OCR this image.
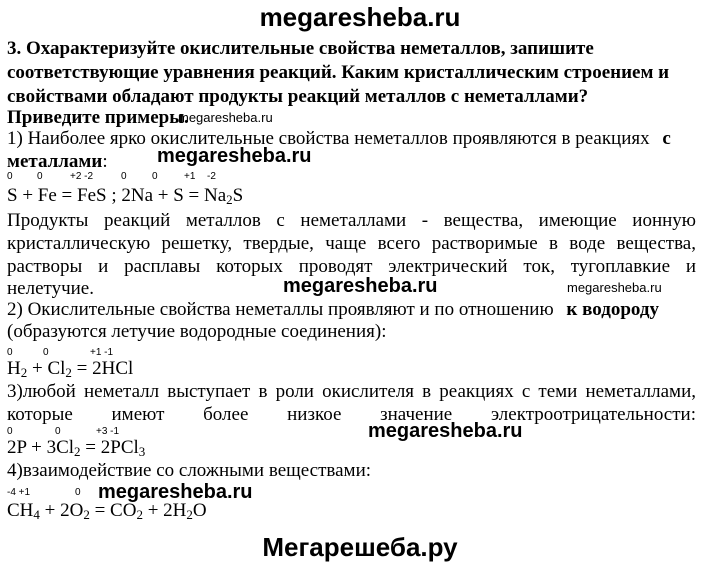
megaresheba.ru
3. Охарактеризуйте окислительные свойства неметаллов, запишите
соответствующие уравнения реакций. Каким кристаллическим строением и
свойствами обладают продукты реакций металлов с неметаллами?
Приведите примеры.
megaresheba.ru
1) Наиболее ярко окислительные свойства неметаллов проявляются в реакциях с
металлами: megaresheba.ru
0 0	+2 -2	0	0	+1 -2
S + Fe = FeS ; $2Na + S = Na_2S$
Продукты реакций металлов с неметаллами - вещества, имеющие ионную
кристаллическую решетку, твердые, чаще всего растворимые в воде вещества,
растворы и расплавы которых проводят электрический ток, тугоплавкие и
нелетучие.	megaresheba.ru	megaresheba.ru
2) Окислительные свойства неметаллы проявляют и по отношению к водороду
(образуются летучие водородные соединения):
0	0	+1 -1
$H_2 + Cl_2 = 2HCl$
3)любой неметалл выступает в роли окислителя в реакциях с теми неметаллами,
которые имеют более низкое значение электроотрицательности:
0	0	+3 -1	megaresheba.ru
$2P + 3Cl_2 = 2PCl_3$
4)взаимодействие со сложными веществами:
-4 +1	0 megaresheba.ru
$CH_4 + 2O_2 = CO_2 + 2H_2O$
Мегарешеба.ру
